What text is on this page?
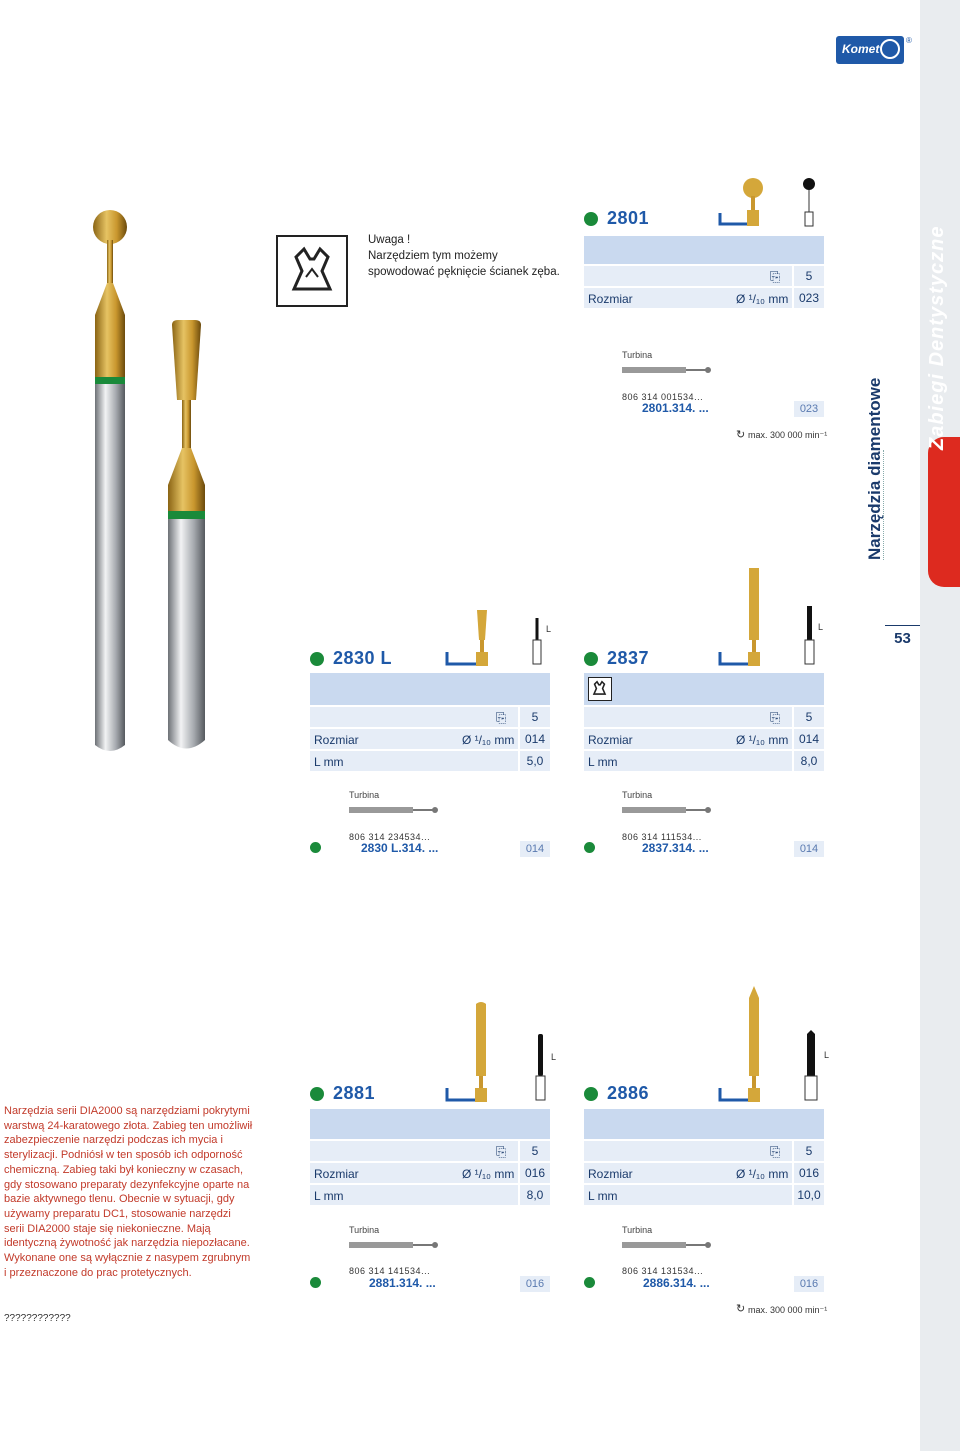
Zabiegi Dentystyczne
Narzędzia diamentowe
53
Komet
®
Uwaga !
Narzędziem tym możemy
spowodować pęknięcie ścianek zęba.
2801
⎘	5
Rozmiar	Ø ¹/₁₀ mm 023
Turbina
806 314 001534...
2801.314. ...	023
↻ max. 300 000 min⁻¹
2830 L
L
⎘	5
Rozmiar	Ø ¹/₁₀ mm 014
L mm	5,0
Turbina
806 314 234534...
2830 L.314. ...	014
2837
L
⎘	5
Rozmiar	Ø ¹/₁₀ mm 014
L mm	8,0
Turbina
806 314 111534...
2837.314. ...	014
2881
L
⎘	5
Rozmiar	Ø ¹/₁₀ mm 016
L mm	8,0
Turbina
806 314 141534...
2881.314. ...	016
2886
L
⎘	5
Rozmiar	Ø ¹/₁₀ mm 016
L mm	10,0
Turbina
806 314 131534...
2886.314. ...	016
↻ max. 300 000 min⁻¹
Narzędzia serii DIA2000 są narzędziami pokrytymi warstwą 24-karatowego złota. Zabieg ten umożliwił zabezpieczenie narzędzi podczas ich mycia i sterylizacji. Podniósł w ten sposób ich odporność chemiczną. Zabieg taki był konieczny w czasach, gdy stosowano preparaty dezynfekcyjne oparte na bazie aktywnego tlenu. Obecnie w sytuacji, gdy używamy preparatu DC1, stosowanie narzędzi serii DIA2000 staje się niekonieczne. Mają identyczną żywotność jak narzędzia niepozłacane. Wykonane one są wyłącznie z nasypem zgrubnym i przeznaczone do prac protetycznych.
????????????
